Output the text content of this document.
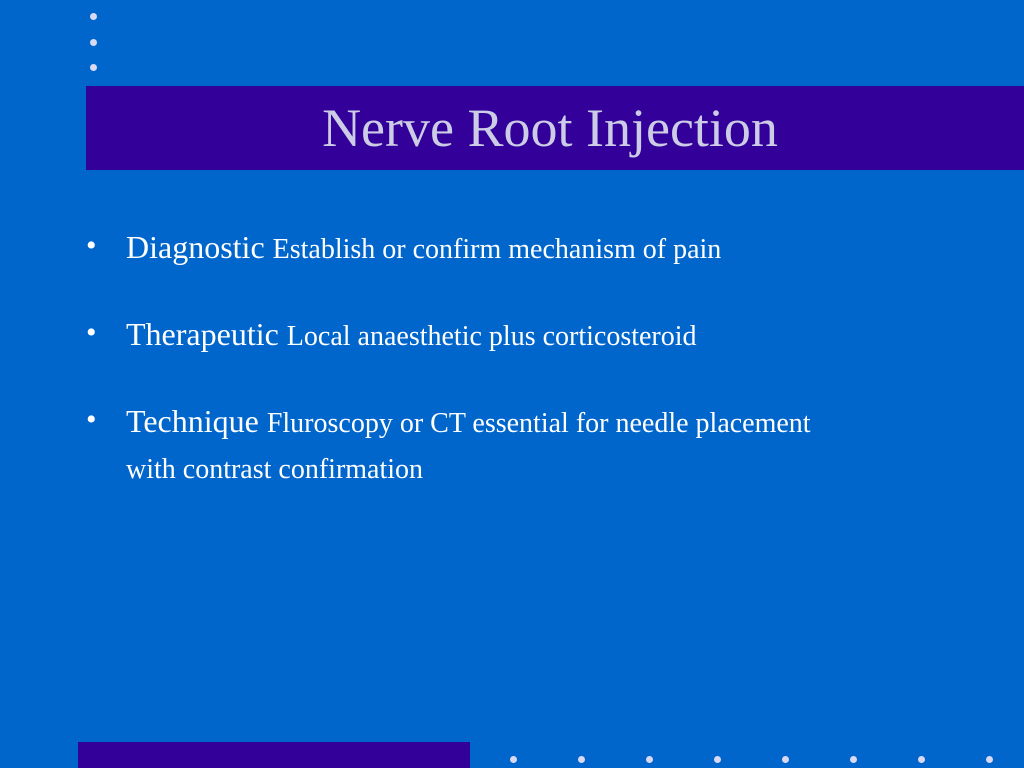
Nerve Root Injection
• Diagnostic Establish or confirm mechanism of pain
• Therapeutic Local anaesthetic plus corticosteroid
• Technique Fluroscopy or CT essential for needle placement with contrast confirmation
